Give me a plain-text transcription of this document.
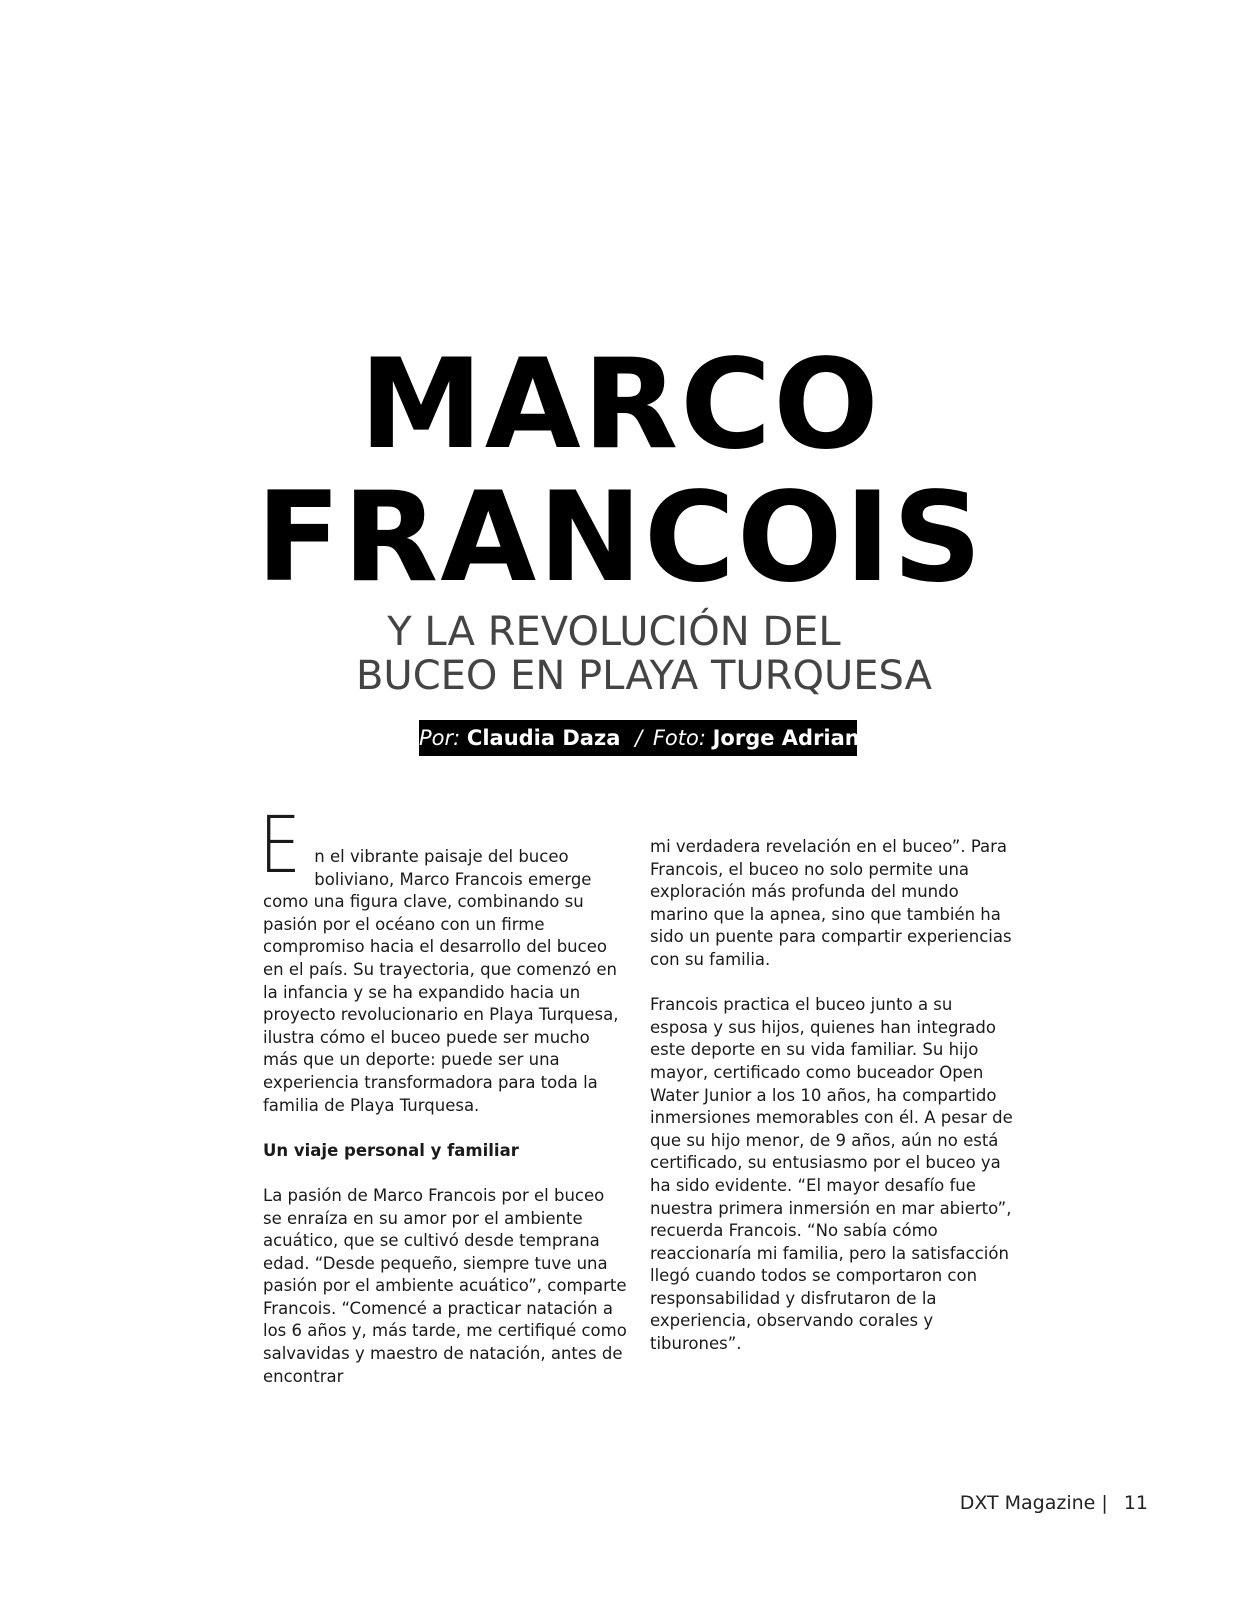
MARCO
FRANCOIS
Y LA REVOLUCIÓN DEL
BUCEO EN PLAYA TURQUESA
Por: Claudia Daza / Foto: Jorge Adrian
E n el vibrante paisaje del buceo boliviano, Marco Francois emerge como una figura clave, combinando su pasión por el océano con un firme compromiso hacia el desarrollo del buceo en el país. Su trayectoria, que comenzó en la infancia y se ha expandido hacia un proyecto revolucionario en Playa Turquesa, ilustra cómo el buceo puede ser mucho más que un deporte: puede ser una experiencia transformadora para toda la familia de Playa Turquesa.

Un viaje personal y familiar

La pasión de Marco Francois por el buceo se enraíza en su amor por el ambiente acuático, que se cultivó desde temprana edad. “Desde pequeño, siempre tuve una pasión por el ambiente acuático”, comparte Francois. “Comencé a practicar natación a los 6 años y, más tarde, me certifiqué como salvavidas y maestro de natación, antes de encontrar

mi verdadera revelación en el buceo”. Para Francois, el buceo no solo permite una exploración más profunda del mundo marino que la apnea, sino que también ha sido un puente para compartir experiencias con su familia.

Francois practica el buceo junto a su esposa y sus hijos, quienes han integrado este deporte en su vida familiar. Su hijo mayor, certificado como buceador Open Water Junior a los 10 años, ha compartido inmersiones memorables con él. A pesar de que su hijo menor, de 9 años, aún no está certificado, su entusiasmo por el buceo ya ha sido evidente. “El mayor desafío fue nuestra primera inmersión en mar abierto”, recuerda Francois. “No sabía cómo reaccionaría mi familia, pero la satisfacción llegó cuando todos se comportaron con responsabilidad y disfrutaron de la experiencia, observando corales y tiburones”.

DXT Magazine | 11
